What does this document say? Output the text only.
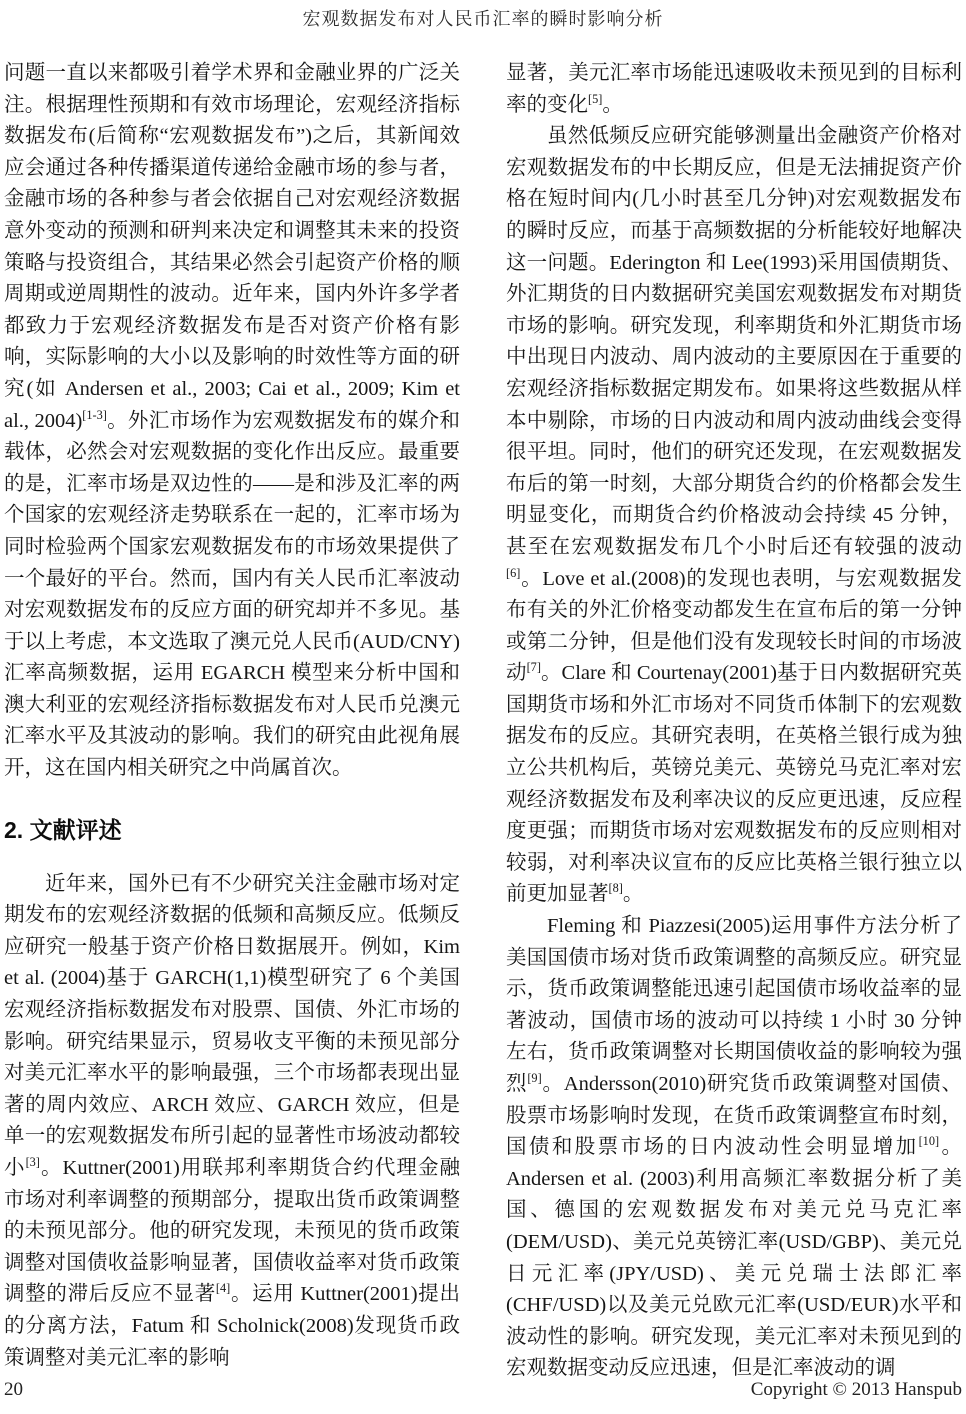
宏观数据发布对人民币汇率的瞬时影响分析

问题一直以来都吸引着学术界和金融业界的广泛关注。根据理性预期和有效市场理论，宏观经济指标数据发布(后简称“宏观数据发布”)之后，其新闻效应会通过各种传播渠道传递给金融市场的参与者，金融市场的各种参与者会依据自己对宏观经济数据意外变动的预测和研判来决定和调整其未来的投资策略与投资组合，其结果必然会引起资产价格的顺周期或逆周期性的波动。近年来，国内外许多学者都致力于宏观经济数据发布是否对资产价格有影响，实际影响的大小以及影响的时效性等方面的研究(如 Andersen et al., 2003; Cai et al., 2009; Kim et al., 2004)[1-3]。外汇市场作为宏观数据发布的媒介和载体，必然会对宏观数据的变化作出反应。最重要的是，汇率市场是双边性的——是和涉及汇率的两个国家的宏观经济走势联系在一起的，汇率市场为同时检验两个国家宏观数据发布的市场效果提供了一个最好的平台。然而，国内有关人民币汇率波动对宏观数据发布的反应方面的研究却并不多见。基于以上考虑，本文选取了澳元兑人民币(AUD/CNY)汇率高频数据，运用 EGARCH 模型来分析中国和澳大利亚的宏观经济指标数据发布对人民币兑澳元汇率水平及其波动的影响。我们的研究由此视角展开，这在国内相关研究之中尚属首次。

2. 文献评述

近年来，国外已有不少研究关注金融市场对定期发布的宏观经济数据的低频和高频反应。低频反应研究一般基于资产价格日数据展开。例如，Kim et al. (2004)基于 GARCH(1,1)模型研究了 6 个美国宏观经济指标数据发布对股票、国债、外汇市场的影响。研究结果显示，贸易收支平衡的未预见部分对美元汇率水平的影响最强，三个市场都表现出显著的周内效应、ARCH 效应、GARCH 效应，但是单一的宏观数据发布所引起的显著性市场波动都较小[3]。Kuttner(2001)用联邦利率期货合约代理金融市场对利率调整的预期部分，提取出货币政策调整的未预见部分。他的研究发现，未预见的货币政策调整对国债收益影响显著，国债收益率对货币政策调整的滞后反应不显著[4]。运用 Kuttner(2001)提出的分离方法，Fatum 和 Scholnick(2008)发现货币政策调整对美元汇率的影响

显著，美元汇率市场能迅速吸收未预见到的目标利率的变化[5]。

虽然低频反应研究能够测量出金融资产价格对宏观数据发布的中长期反应，但是无法捕捉资产价格在短时间内(几小时甚至几分钟)对宏观数据发布的瞬时反应，而基于高频数据的分析能较好地解决这一问题。Ederington 和 Lee(1993)采用国债期货、外汇期货的日内数据研究美国宏观数据发布对期货市场的影响。研究发现，利率期货和外汇期货市场中出现日内波动、周内波动的主要原因在于重要的宏观经济指标数据定期发布。如果将这些数据从样本中剔除，市场的日内波动和周内波动曲线会变得很平坦。同时，他们的研究还发现，在宏观数据发布后的第一时刻，大部分期货合约的价格都会发生明显变化，而期货合约价格波动会持续 45 分钟，甚至在宏观数据发布几个小时后还有较强的波动[6]。Love et al.(2008)的发现也表明，与宏观数据发布有关的外汇价格变动都发生在宣布后的第一分钟或第二分钟，但是他们没有发现较长时间的市场波动[7]。Clare 和 Courtenay(2001)基于日内数据研究英国期货市场和外汇市场对不同货币体制下的宏观数据发布的反应。其研究表明，在英格兰银行成为独立公共机构后，英镑兑美元、英镑兑马克汇率对宏观经济数据发布及利率决议的反应更迅速，反应程度更强；而期货市场对宏观数据发布的反应则相对较弱，对利率决议宣布的反应比英格兰银行独立以前更加显著[8]。

Fleming 和 Piazzesi(2005)运用事件方法分析了美国国债市场对货币政策调整的高频反应。研究显示，货币政策调整能迅速引起国债市场收益率的显著波动，国债市场的波动可以持续 1 小时 30 分钟左右，货币政策调整对长期国债收益的影响较为强烈[9]。Andersson(2010)研究货币政策调整对国债、股票市场影响时发现，在货币政策调整宣布时刻，国债和股票市场的日内波动性会明显增加[10]。Andersen et al. (2003)利用高频汇率数据分析了美国、德国的宏观数据发布对美元兑马克汇率(DEM/USD)、美元兑英镑汇率(USD/GBP)、美元兑日元汇率(JPY/USD)、美元兑瑞士法郎汇率(CHF/USD)以及美元兑欧元汇率(USD/EUR)水平和波动性的影响。研究发现，美元汇率对未预见到的宏观数据变动反应迅速，但是汇率波动的调

20	Copyright © 2013 Hanspub
